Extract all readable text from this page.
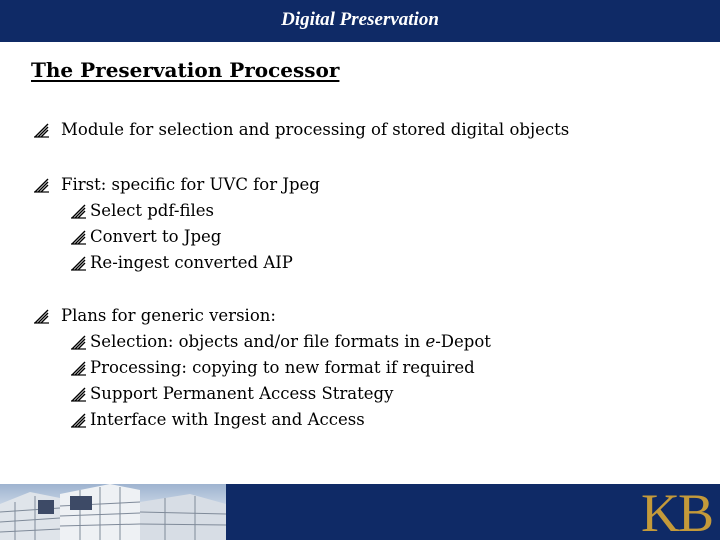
Digital Preservation
The Preservation Processor
Module for selection and processing of stored digital objects
First: specific for UVC for Jpeg
Select pdf-files
Convert to Jpeg
Re-ingest converted AIP
Plans for generic version:
Selection: objects and/or file formats in e-Depot
Processing: copying to new format if required
Support Permanent Access Strategy
Interface with Ingest and Access
KB
